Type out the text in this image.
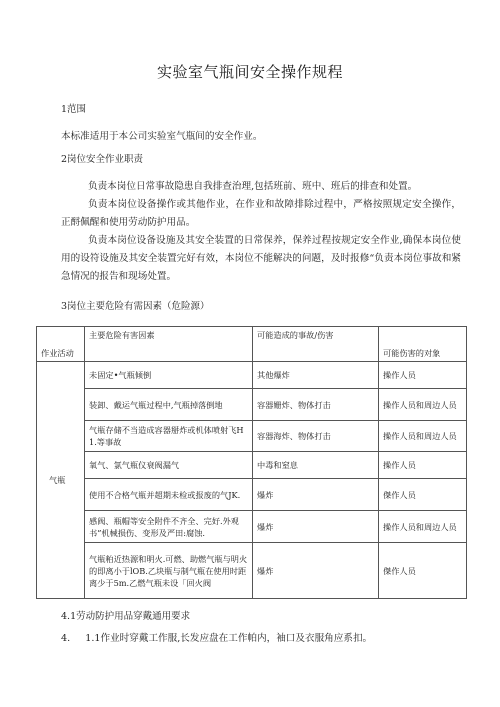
实验室气瓶间安全操作规程
1范围
本标准适用于本公司实验室气瓶间的安全作业。
2岗位安全作业职责
负责本岗位日常事故隐患自我排查治理,包括班前、班中、班后的排查和处置。
负责本岗位设备操作或其他作业，在作业和故障排除过程中，严格按照规定安全操作，正酹佩醒和使用劳动防护用品。
负责本岗位设备设施及其安全装置的日常保养，保养过程按规定安全作业,确保本岗位使用的设符设施及其安全装置完好有效，本岗位不能解决的问题，及时报修“负责本岗位事故和紧急情况的报告和现场处置。
3岗位主要危险有需因素（危险源）
作业活动	主要危险有害因素	可能造成的事故/伤害	可能伤害的对象
气瓶	未固定•气瓶倾倒	其他爆炸	操作人员
	装卸、戴运气瓶过程中,气瓶掉落倒地	容器姗炸、物体打击	操作人员和周边人员
	气瓶存储不当造成容器掰炸或机体喷射飞H1.等事故	容器海炸、物体打击	操作人员和周边人员
	氧气、氯气瓶仪衰阀漏气	中毒和窒息	操作人员
	使用不合格气瓶并超期未检或报废的气JK.	爆炸	傑作人员
	感阀、瓶帽等安全附件不齐全、完好.外观书”机械损伤、变形及严田:腐蚀.	爆炸	操作人员和周边人员
	气瓶粕近热源和明火.可燃、助燃气瓶与明火的即离小于lOB.乙块瓶与制气瓶在使用时距离少于5m.乙燃气瓶未设「回火阀	爆炸	傑作人员
4.1劳动防护用品穿戴通用要求
4. 1.1作业时穿戴工作服,长发应盘在工作帕内，袖口及衣服角应系扣。
